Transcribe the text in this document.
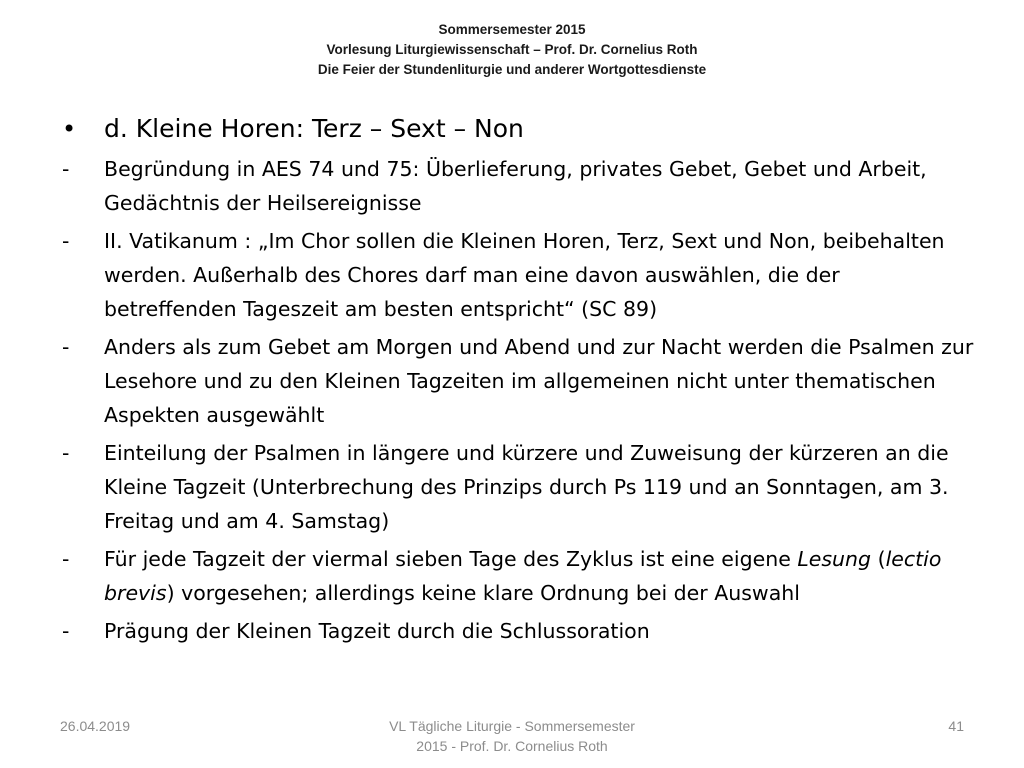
Sommersemester 2015
Vorlesung Liturgiewissenschaft – Prof. Dr. Cornelius Roth
Die Feier der Stundenliturgie und anderer Wortgottesdienste
•	d. Kleine Horen: Terz – Sext – Non
-	Begründung in AES 74 und 75: Überlieferung, privates Gebet, Gebet und Arbeit, Gedächtnis der Heilsereignisse
-	II. Vatikanum : „Im Chor sollen die Kleinen Horen, Terz, Sext und Non, beibehalten werden. Außerhalb des Chores darf man eine davon auswählen, die der betreffenden Tageszeit am besten entspricht“ (SC 89)
-	Anders als zum Gebet am Morgen und Abend und zur Nacht werden die Psalmen zur Lesehore und zu den Kleinen Tagzeiten im allgemeinen nicht unter thematischen Aspekten ausgewählt
-	Einteilung der Psalmen in längere und kürzere und Zuweisung der kürzeren an die Kleine Tagzeit (Unterbrechung des Prinzips durch Ps 119 und an Sonntagen, am 3. Freitag und am 4. Samstag)
-	Für jede Tagzeit der viermal sieben Tage des Zyklus ist eine eigene Lesung (lectio brevis) vorgesehen; allerdings keine klare Ordnung bei der Auswahl
-	Prägung der Kleinen Tagzeit durch die Schlussoration
26.04.2019	VL Tägliche Liturgie - Sommersemester
2015 - Prof. Dr. Cornelius Roth
41
